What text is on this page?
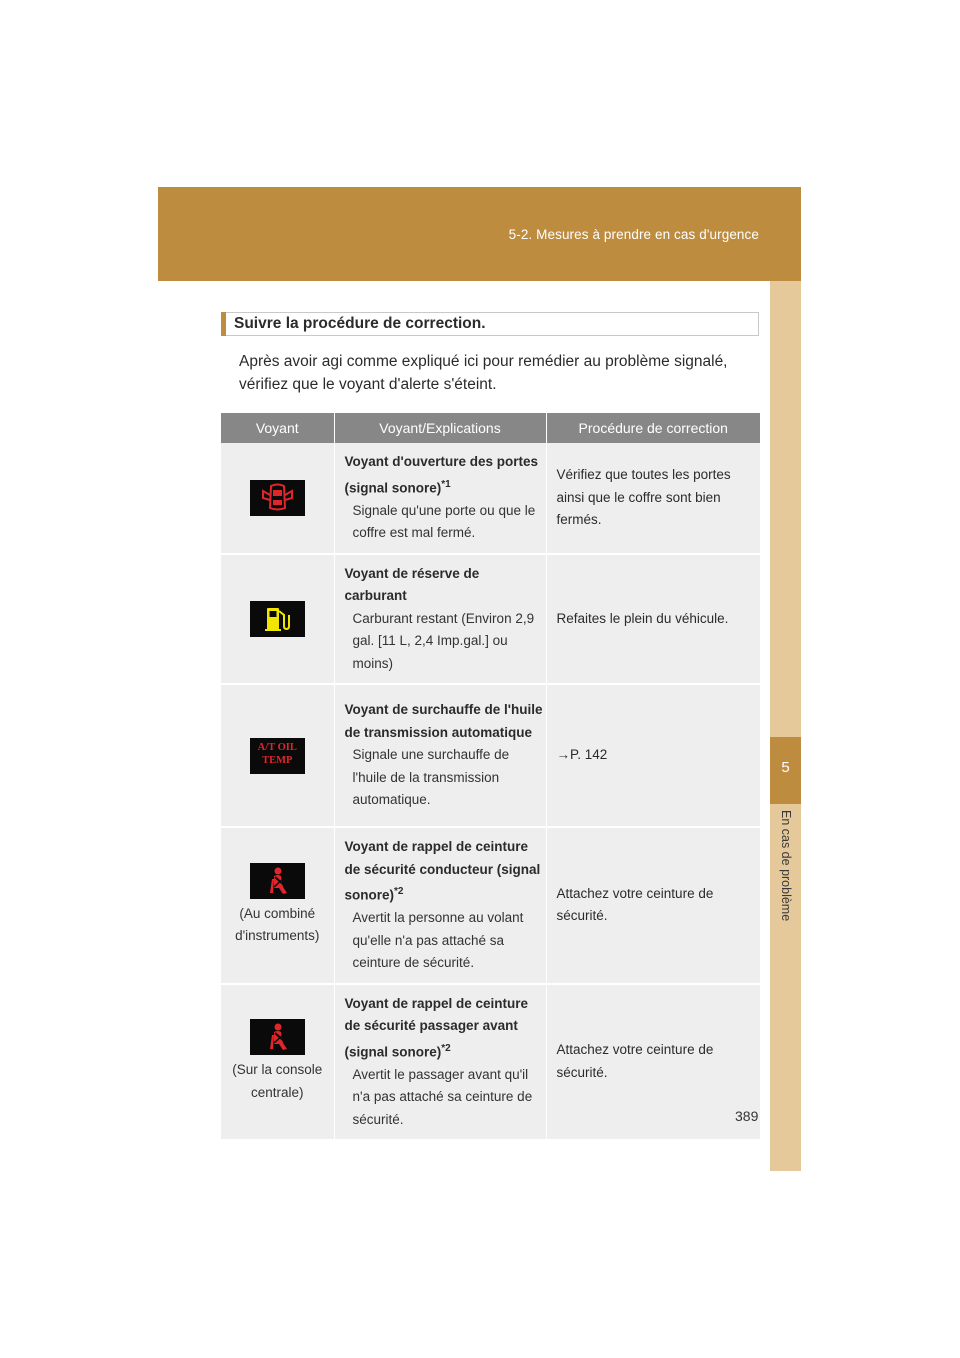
5-2. Mesures à prendre en cas d'urgence
5
En cas de problème
Suivre la procédure de correction.
Après avoir agi comme expliqué ici pour remédier au problème signalé, vérifiez que le voyant d'alerte s'éteint.
Voyant	Voyant/Explications	Procédure de correction

Voyant d'ouverture des portes (signal sonore)$^{*1}$
Signale qu'une porte ou que le coffre est mal fermé.	Vérifiez que toutes les portes ainsi que le coffre sont bien fermés.

Voyant de réserve de carburant
Carburant restant (Environ 2,9 gal. [11 L, 2,4 Imp.gal.] ou moins)	Refaites le plein du véhicule.

A/T OIL TEMP	Voyant de surchauffe de l'huile de transmission automatique
Signale une surchauffe de l'huile de la transmission automatique.	→P. 142

(Au combiné d'instruments)	Voyant de rappel de ceinture de sécurité conducteur (signal sonore)$^{*2}$
Avertit la personne au volant qu'elle n'a pas attaché sa ceinture de sécurité.	Attachez votre ceinture de sécurité.

(Sur la console centrale)	Voyant de rappel de ceinture de sécurité passager avant (signal sonore)$^{*2}$
Avertit le passager avant qu'il n'a pas attaché sa ceinture de sécurité.	Attachez votre ceinture de sécurité.
389
